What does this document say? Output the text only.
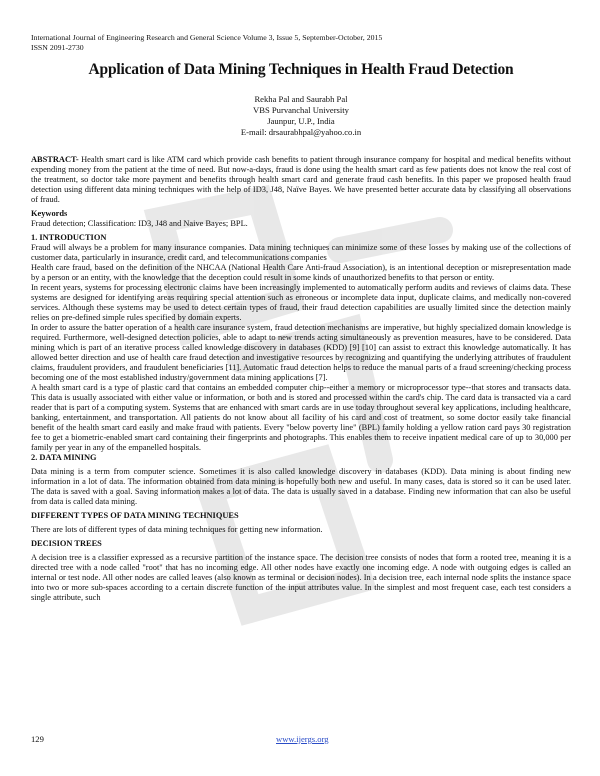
International Journal of Engineering Research and General Science Volume 3, Issue 5, September-October, 2015
ISSN 2091-2730
Application of Data Mining Techniques in Health Fraud Detection
Rekha Pal and Saurabh Pal
VBS Purvanchal University
Jaunpur, U.P., India
E-mail: drsaurabhpal@yahoo.co.in

ABSTRACT- Health smart card is like ATM card which provide cash benefits to patient through insurance company for hospital and medical benefits without expending money from the patient at the time of need. But now-a-days, fraud is done using the health smart card as few patients does not know the real cost of the treatment, so doctor take more payment and benefits through health smart card and generate fraud cash benefits. In this paper we proposed health fraud detection using different data mining techniques with the help of ID3, J48, Naïve Bayes. We have presented better accurate data by classifying all observations of fraud.

Keywords

Fraud detection; Classification: ID3, J48 and Naive Bayes; BPL.

1. INTRODUCTION

Fraud will always be a problem for many insurance companies. Data mining techniques can minimize some of these losses by making use of the collections of customer data, particularly in insurance, credit card, and telecommunications companies

Health care fraud, based on the definition of the NHCAA (National Health Care Anti-fraud Association), is an intentional deception or misrepresentation made by a person or an entity, with the knowledge that the deception could result in some kinds of unauthorized benefits to that person or entity.

In recent years, systems for processing electronic claims have been increasingly implemented to automatically perform audits and reviews of claims data. These systems are designed for identifying areas requiring special attention such as erroneous or incomplete data input, duplicate claims, and medically non-covered services. Although these systems may be used to detect certain types of fraud, their fraud detection capabilities are usually limited since the detection mainly relies on pre-defined simple rules specified by domain experts.

In order to assure the batter operation of a health care insurance system, fraud detection mechanisms are imperative, but highly specialized domain knowledge is required. Furthermore, well-designed detection policies, able to adapt to new trends acting simultaneously as prevention measures, have to be considered. Data mining which is part of an iterative process called knowledge discovery in databases (KDD) [9] [10] can assist to extract this knowledge automatically. It has allowed better direction and use of health care fraud detection and investigative resources by recognizing and quantifying the underlying attributes of fraudulent claims, fraudulent providers, and fraudulent beneficiaries [11]. Automatic fraud detection helps to reduce the manual parts of a fraud screening/checking process becoming one of the most established industry/government data mining applications [7].

A health smart card is a type of plastic card that contains an embedded computer chip--either a memory or microprocessor type--that stores and transacts data. This data is usually associated with either value or information, or both and is stored and processed within the card's chip. The card data is transacted via a card reader that is part of a computing system. Systems that are enhanced with smart cards are in use today throughout several key applications, including healthcare, banking, entertainment, and transportation. All patients do not know about all facility of his card and cost of treatment, so some doctor easily take financial benefit of the health smart card easily and make fraud with patients. Every "below poverty line" (BPL) family holding a yellow ration card pays 30 registration fee to get a biometric-enabled smart card containing their fingerprints and photographs. This enables them to receive inpatient medical care of up to 30,000 per family per year in any of the empanelled hospitals.

2. DATA MINING

Data mining is a term from computer science. Sometimes it is also called knowledge discovery in databases (KDD). Data mining is about finding new information in a lot of data. The information obtained from data mining is hopefully both new and useful. In many cases, data is stored so it can be used later. The data is saved with a goal. Saving information makes a lot of data. The data is usually saved in a database. Finding new information that can also be useful from data is called data mining.

DIFFERENT TYPES OF DATA MINING TECHNIQUES

There are lots of different types of data mining techniques for getting new information.

DECISION TREES

A decision tree is a classifier expressed as a recursive partition of the instance space. The decision tree consists of nodes that form a rooted tree, meaning it is a directed tree with a node called "root" that has no incoming edge. All other nodes have exactly one incoming edge. A node with outgoing edges is called an internal or test node. All other nodes are called leaves (also known as terminal or decision nodes). In a decision tree, each internal node splits the instance space into two or more sub-spaces according to a certain discrete function of the input attributes value. In the simplest and most frequent case, each test considers a single attribute, such

129	www.ijergs.org
